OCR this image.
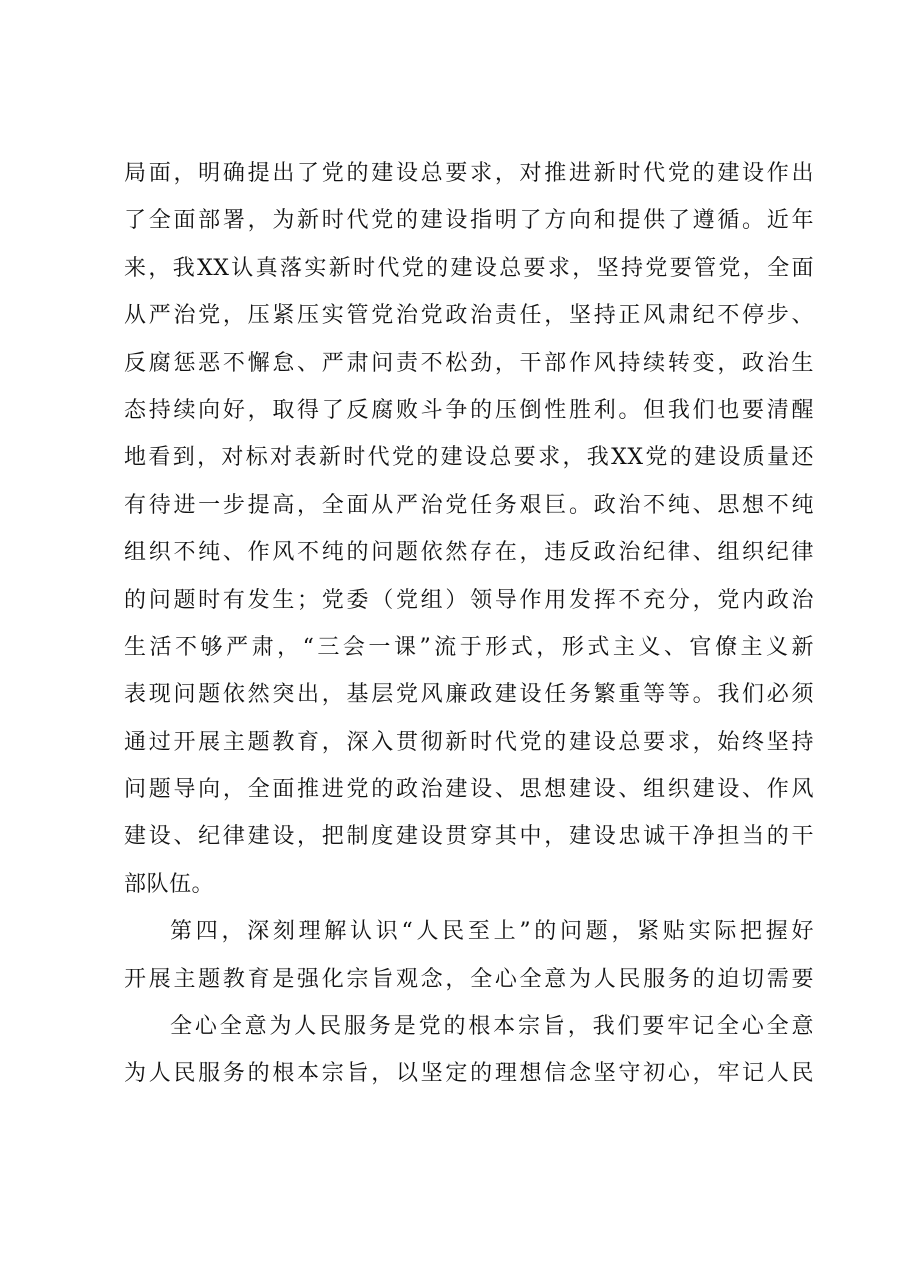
局面，明确提出了党的建设总要求，对推进新时代党的建设作出
了全面部署，为新时代党的建设指明了方向和提供了遵循。近年
来，我XX认真落实新时代党的建设总要求，坚持党要管党，全面
从严治党，压紧压实管党治党政治责任，坚持正风肃纪不停步、
反腐惩恶不懈怠、严肃问责不松劲，干部作风持续转变，政治生
态持续向好，取得了反腐败斗争的压倒性胜利。但我们也要清醒
地看到，对标对表新时代党的建设总要求，我XX党的建设质量还
有待进一步提高，全面从严治党任务艰巨。政治不纯、思想不纯
组织不纯、作风不纯的问题依然存在，违反政治纪律、组织纪律
的问题时有发生；党委（党组）领导作用发挥不充分，党内政治
生活不够严肃，“三会一课”流于形式，形式主义、官僚主义新
表现问题依然突出，基层党风廉政建设任务繁重等等。我们必须
通过开展主题教育，深入贯彻新时代党的建设总要求，始终坚持
问题导向，全面推进党的政治建设、思想建设、组织建设、作风
建设、纪律建设，把制度建设贯穿其中，建设忠诚干净担当的干
部队伍。
第四，深刻理解认识“人民至上”的问题，紧贴实际把握好
开展主题教育是强化宗旨观念，全心全意为人民服务的迫切需要
全心全意为人民服务是党的根本宗旨，我们要牢记全心全意
为人民服务的根本宗旨，以坚定的理想信念坚守初心，牢记人民
